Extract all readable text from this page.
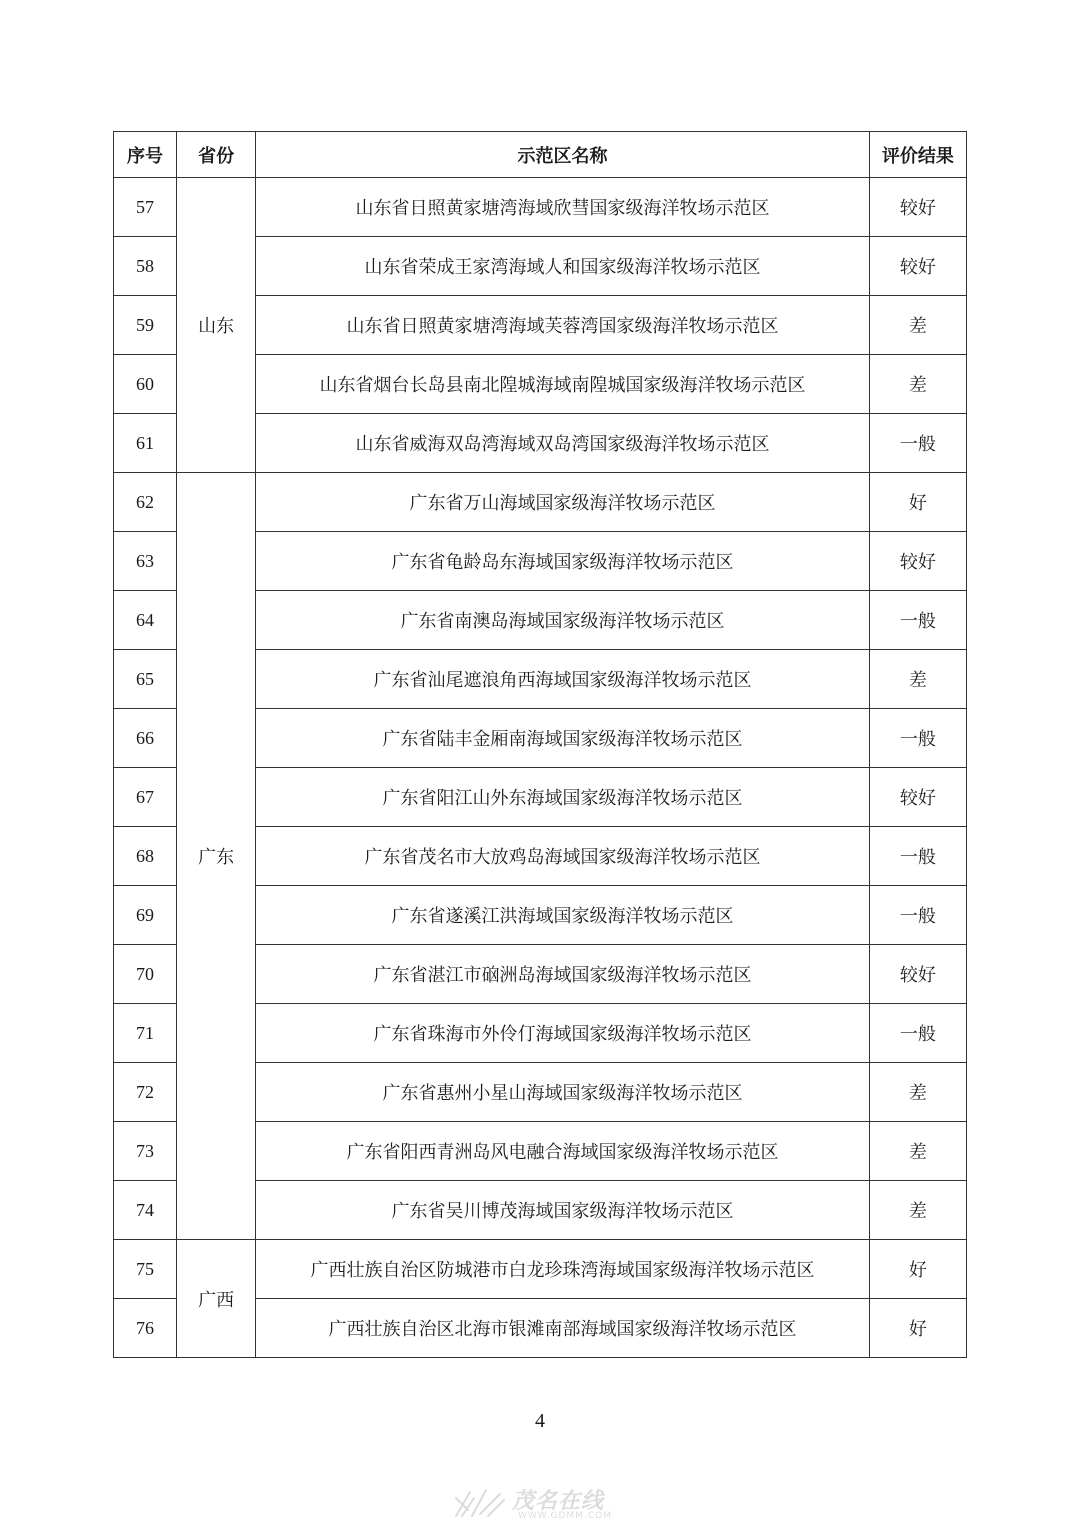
序号	省份	示范区名称	评价结果
57	山东	山东省日照黄家塘湾海域欣彗国家级海洋牧场示范区	较好
58		山东省荣成王家湾海域人和国家级海洋牧场示范区	较好
59		山东省日照黄家塘湾海域芙蓉湾国家级海洋牧场示范区	差
60		山东省烟台长岛县南北隍城海域南隍城国家级海洋牧场示范区	差
61		山东省威海双岛湾海域双岛湾国家级海洋牧场示范区	一般
62	广东	广东省万山海域国家级海洋牧场示范区	好
63		广东省龟龄岛东海域国家级海洋牧场示范区	较好
64		广东省南澳岛海域国家级海洋牧场示范区	一般
65		广东省汕尾遮浪角西海域国家级海洋牧场示范区	差
66		广东省陆丰金厢南海域国家级海洋牧场示范区	一般
67		广东省阳江山外东海域国家级海洋牧场示范区	较好
68		广东省茂名市大放鸡岛海域国家级海洋牧场示范区	一般
69		广东省遂溪江洪海域国家级海洋牧场示范区	一般
70		广东省湛江市硇洲岛海域国家级海洋牧场示范区	较好
71		广东省珠海市外伶仃海域国家级海洋牧场示范区	一般
72		广东省惠州小星山海域国家级海洋牧场示范区	差
73		广东省阳西青洲岛风电融合海域国家级海洋牧场示范区	差
74		广东省吴川博茂海域国家级海洋牧场示范区	差
75	广西	广西壮族自治区防城港市白龙珍珠湾海域国家级海洋牧场示范区	好
76		广西壮族自治区北海市银滩南部海域国家级海洋牧场示范区	好
4
茂名在线
WWW.GDMM.COM
